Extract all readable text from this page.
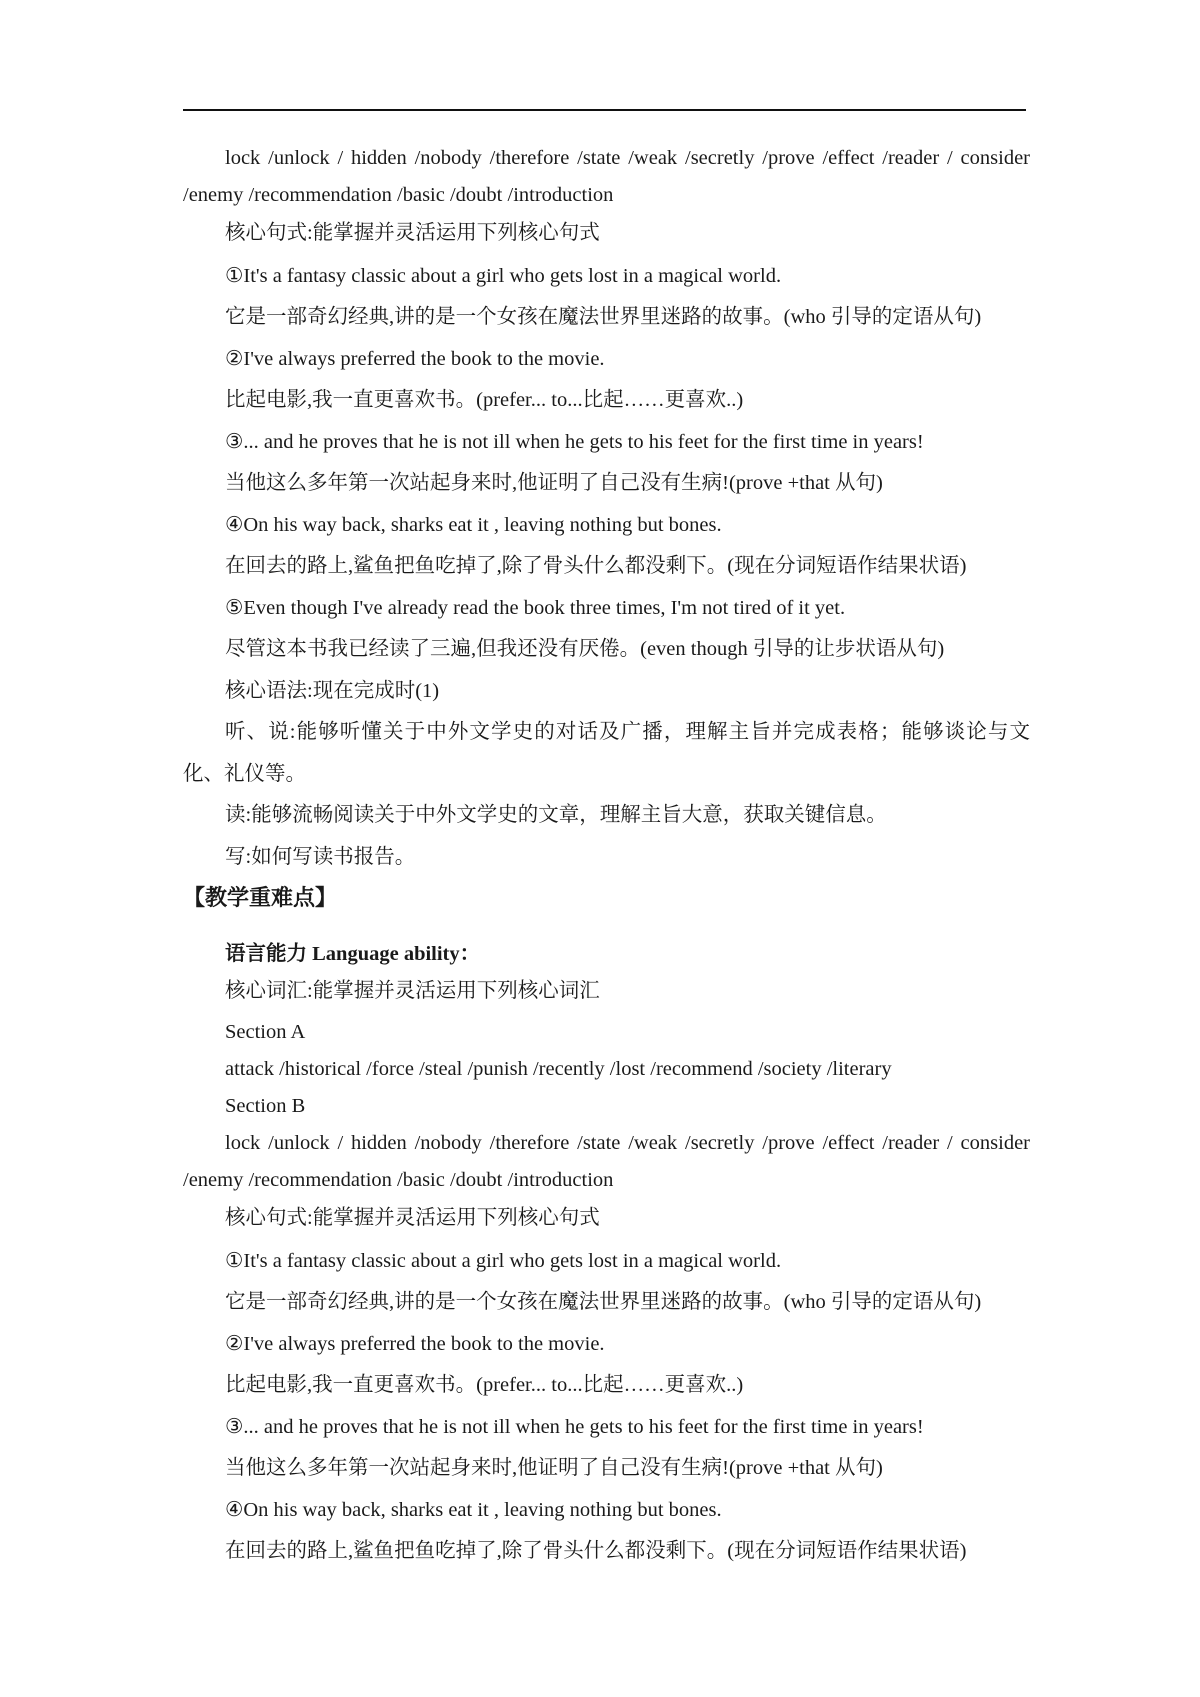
lock /unlock / hidden /nobody /therefore /state /weak /secretly /prove /effect /reader / consider
/enemy /recommendation /basic /doubt /introduction
核心句式:能掌握并灵活运用下列核心句式
①It's a fantasy classic about a girl who gets lost in a magical world.
它是一部奇幻经典,讲的是一个女孩在魔法世界里迷路的故事。(who 引导的定语从句)
②I've always preferred the book to the movie.
比起电影,我一直更喜欢书。(prefer... to...比起……更喜欢..)
③... and he proves that he is not ill when he gets to his feet for the first time in years!
当他这么多年第一次站起身来时,他证明了自己没有生病!(prove +that 从句)
④On his way back, sharks eat it , leaving nothing but bones.
在回去的路上,鲨鱼把鱼吃掉了,除了骨头什么都没剩下。(现在分词短语作结果状语)
⑤Even though I've already read the book three times, I'm not tired of it yet.
尽管这本书我已经读了三遍,但我还没有厌倦。(even though 引导的让步状语从句)
核心语法:现在完成时(1)
听、说:能够听懂关于中外文学史的对话及广播，理解主旨并完成表格；能够谈论与文
化、礼仪等。
读:能够流畅阅读关于中外文学史的文章，理解主旨大意，获取关键信息。
写:如何写读书报告。
【教学重难点】
语言能力 Language ability：
核心词汇:能掌握并灵活运用下列核心词汇
Section A
attack /historical /force /steal /punish /recently /lost /recommend /society /literary
Section B
lock /unlock / hidden /nobody /therefore /state /weak /secretly /prove /effect /reader / consider
/enemy /recommendation /basic /doubt /introduction
核心句式:能掌握并灵活运用下列核心句式
①It's a fantasy classic about a girl who gets lost in a magical world.
它是一部奇幻经典,讲的是一个女孩在魔法世界里迷路的故事。(who 引导的定语从句)
②I've always preferred the book to the movie.
比起电影,我一直更喜欢书。(prefer... to...比起……更喜欢..)
③... and he proves that he is not ill when he gets to his feet for the first time in years!
当他这么多年第一次站起身来时,他证明了自己没有生病!(prove +that 从句)
④On his way back, sharks eat it , leaving nothing but bones.
在回去的路上,鲨鱼把鱼吃掉了,除了骨头什么都没剩下。(现在分词短语作结果状语)
